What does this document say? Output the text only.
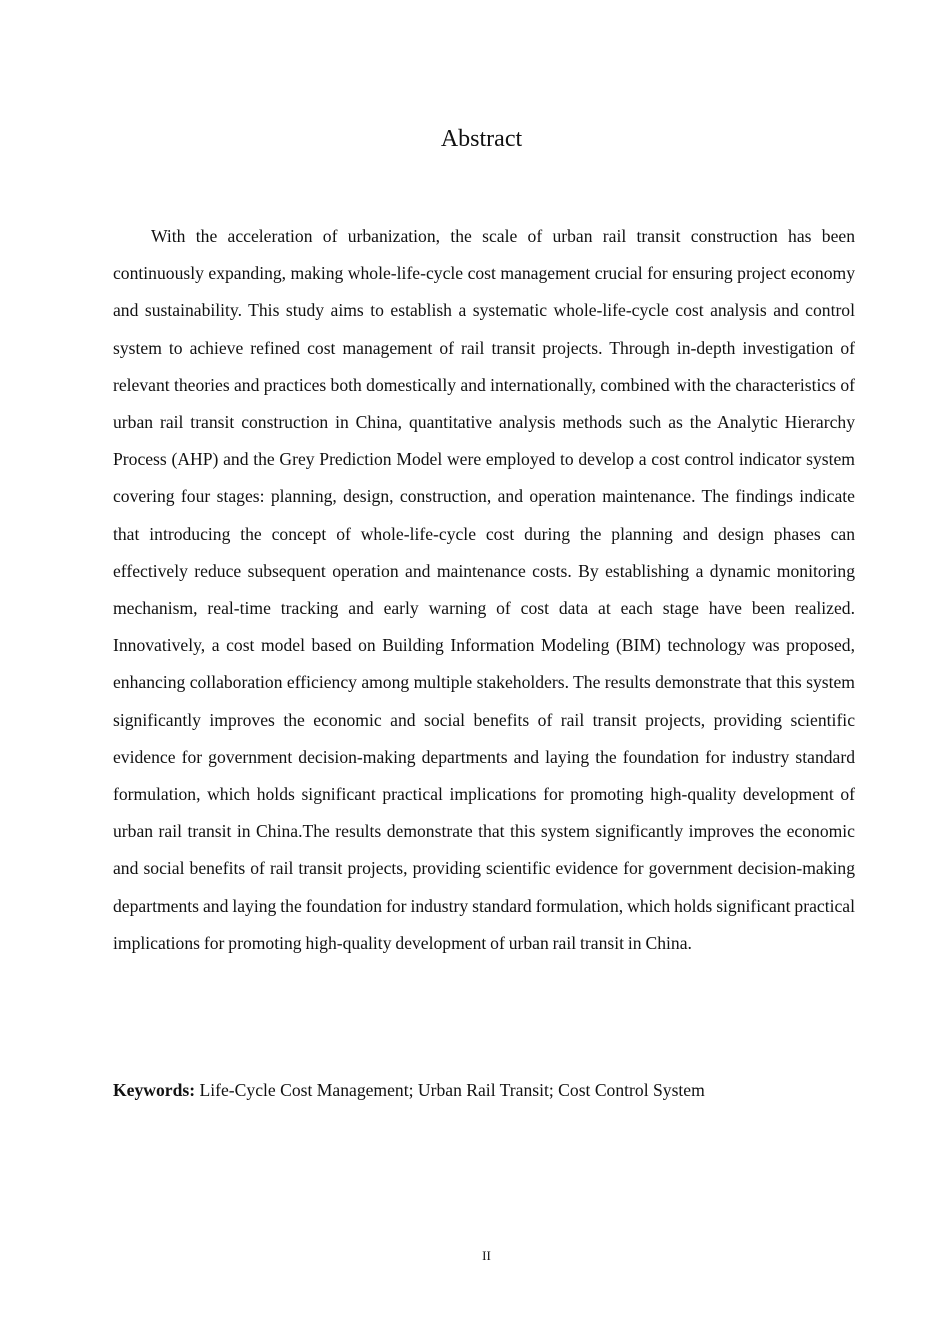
Abstract

With the acceleration of urbanization, the scale of urban rail transit construction has been continuously expanding, making whole-life-cycle cost management crucial for ensuring project economy and sustainability. This study aims to establish a systematic whole-life-cycle cost analysis and control system to achieve refined cost management of rail transit projects. Through in-depth investigation of relevant theories and practices both domestically and internationally, combined with the characteristics of urban rail transit construction in China, quantitative analysis methods such as the Analytic Hierarchy Process (AHP) and the Grey Prediction Model were employed to develop a cost control indicator system covering four stages: planning, design, construction, and operation maintenance. The findings indicate that introducing the concept of whole-life-cycle cost during the planning and design phases can effectively reduce subsequent operation and maintenance costs. By establishing a dynamic monitoring mechanism, real-time tracking and early warning of cost data at each stage have been realized. Innovatively, a cost model based on Building Information Modeling (BIM) technology was proposed, enhancing collaboration efficiency among multiple stakeholders. The results demonstrate that this system significantly improves the economic and social benefits of rail transit projects, providing scientific evidence for government decision-making departments and laying the foundation for industry standard formulation, which holds significant practical implications for promoting high-quality development of urban rail transit in China.The results demonstrate that this system significantly improves the economic and social benefits of rail transit projects, providing scientific evidence for government decision-making departments and laying the foundation for industry standard formulation, which holds significant practical implications for promoting high-quality development of urban rail transit in China.

Keywords: Life-Cycle Cost Management; Urban Rail Transit; Cost Control System

II
